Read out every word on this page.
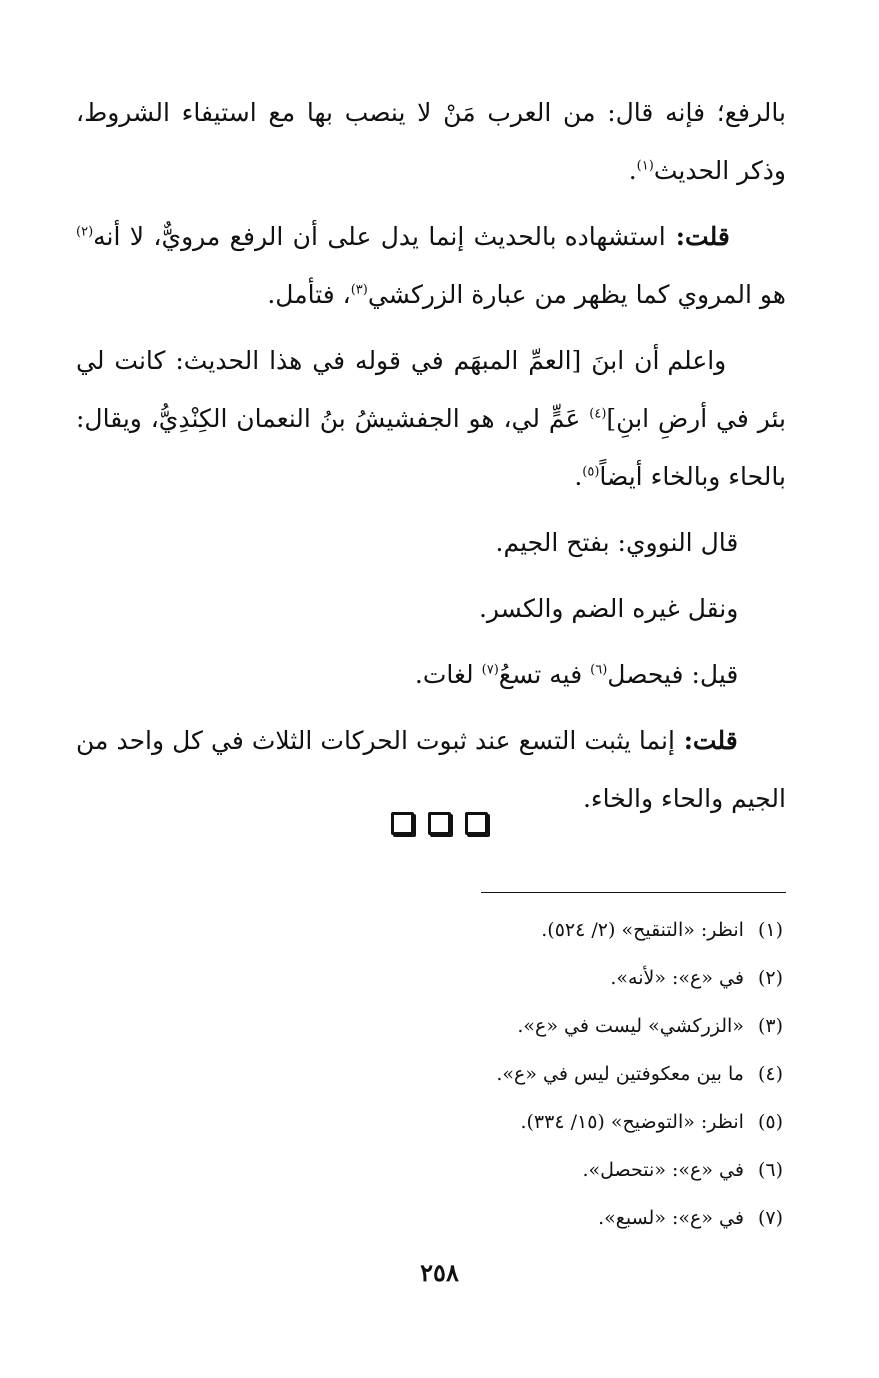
بالرفع؛ فإنه قال: من العرب مَنْ لا ينصب بها مع استيفاء الشروط، وذكر الحديث$^{(١)}$.

قلت: استشهاده بالحديث إنما يدل على أن الرفع مرويٌّ، لا أنه$^{(٢)}$ هو المروي كما يظهر من عبارة الزركشي$^{(٣)}$، فتأمل.

واعلم أن ابنَ [العمِّ المبهَم في قوله في هذا الحديث: كانت لي بئر في أرضِ ابنِ]$^{(٤)}$ عَمٍّ لي، هو الجفشيشُ بنُ النعمان الكِنْدِيُّ، ويقال: بالحاء وبالخاء أيضاً$^{(٥)}$.

قال النووي: بفتح الجيم.

ونقل غيره الضم والكسر.

قيل: فيحصل$^{(٦)}$ فيه تسعُ$^{(٧)}$ لغات.

قلت: إنما يثبت التسع عند ثبوت الحركات الثلاث في كل واحد من الجيم والحاء والخاء.

(١)انظر: «التنقيح» (٢/ ٥٢٤).
(٢)في «ع»: «لأنه».
(٣)«الزركشي» ليست في «ع».
(٤)ما بين معكوفتين ليس في «ع».
(٥)انظر: «التوضيح» (١٥/ ٣٣٤).
(٦)في «ع»: «نتحصل».
(٧)في «ع»: «لسبع».
٢٥٨
